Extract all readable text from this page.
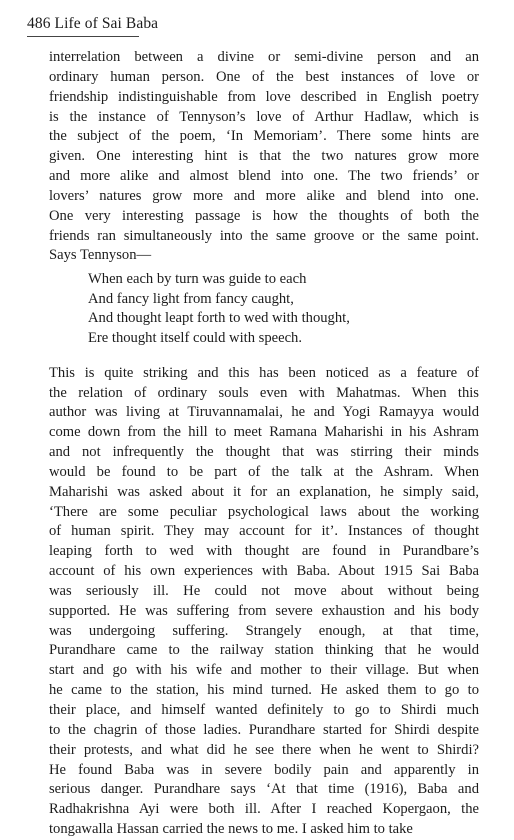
486 Life of Sai Baba
interrelation between a divine or semi-divine person and an
ordinary human person. One of the best instances of love or
friendship indistinguishable from love described in English poetry
is the instance of Tennyson’s love of Arthur Hadlaw, which is
the subject of the poem, ‘In Memoriam’. There some hints are
given. One interesting hint is that the two natures grow more
and more alike and almost blend into one. The two friends’ or
lovers’ natures grow more and more alike and blend into one.
One very interesting passage is how the thoughts of both the
friends ran simultaneously into the same groove or the same point.
Says Tennyson—
When each by turn was guide to each
And fancy light from fancy caught,
And thought leapt forth to wed with thought,
Ere thought itself could with speech.
This is quite striking and this has been noticed as a feature of
the relation of ordinary souls even with Mahatmas. When this
author was living at Tiruvannamalai, he and Yogi Ramayya would
come down from the hill to meet Ramana Maharishi in his Ashram
and not infrequently the thought that was stirring their minds
would be found to be part of the talk at the Ashram. When
Maharishi was asked about it for an explanation, he simply said,
‘There are some peculiar psychological laws about the working
of human spirit. They may account for it’. Instances of thought
leaping forth to wed with thought are found in Purandbare’s
account of his own experiences with Baba. About 1915 Sai Baba
was seriously ill. He could not move about without being
supported. He was suffering from severe exhaustion and his body
was undergoing suffering. Strangely enough, at that time,
Purandhare came to the railway station thinking that he would
start and go with his wife and mother to their village. But when
he came to the station, his mind turned. He asked them to go to
their place, and himself wanted definitely to go to Shirdi much
to the chagrin of those ladies. Purandhare started for Shirdi despite
their protests, and what did he see there when he went to Shirdi?
He found Baba was in severe bodily pain and apparently in
serious danger. Purandhare says ‘At that time (1916), Baba and
Radhakrishna Ayi were both ill. After I reached Kopergaon, the
tongawalla Hassan carried the news to me. I asked him to take
